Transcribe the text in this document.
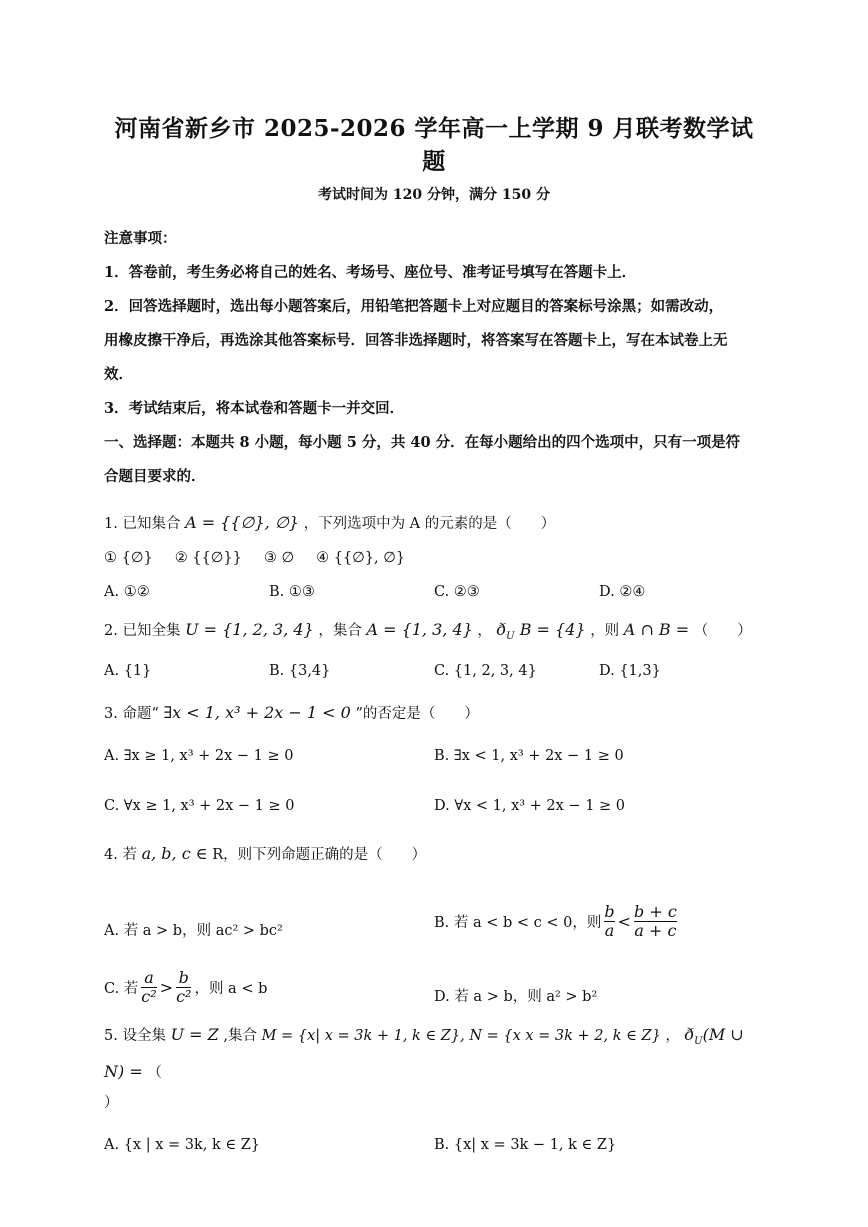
河南省新乡市 2025-2026 学年高一上学期 9 月联考数学试题
考试时间为 120 分钟，满分 150 分

注意事项：

1．答卷前，考生务必将自己的姓名、考场号、座位号、准考证号填写在答题卡上．

2．回答选择题时，选出每小题答案后，用铅笔把答题卡上对应题目的答案标号涂黑；如需改动，

用橡皮擦干净后，再选涂其他答案标号．回答非选择题时，将答案写在答题卡上，写在本试卷上无

效．

3．考试结束后，将本试卷和答题卡一并交回．

一、选择题：本题共 8 小题，每小题 5 分，共 40 分．在每小题给出的四个选项中，只有一项是符

合题目要求的．

1. 已知集合 A = {{∅}, ∅} ，下列选项中为 A 的元素的是（　　）
① {∅} ② {{∅}} ③ ∅ ④ {{∅}, ∅}
A. ①②	B. ①③	C. ②③	D. ②④
2. 已知全集 U = {1, 2, 3, 4} ，集合 A = {1, 3, 4} ， $ð_U$ B = {4} ，则 A ∩ B = （　　）
A. {1}	B. {3,4}	C. {1, 2, 3, 4}	D. {1,3}
3. 命题“ ∃x < 1, x³ + 2x − 1 < 0 ”的否定是（　　）
A. ∃x ≥ 1, x³ + 2x − 1 ≥ 0	B. ∃x < 1, x³ + 2x − 1 ≥ 0
C. ∀x ≥ 1, x³ + 2x − 1 ≥ 0	D. ∀x < 1, x³ + 2x − 1 ≥ 0
4. 若 a, b, c ∈ R，则下列命题正确的是（　　）
A. 若 a > b，则 ac² > bc²	B. 若 a < b < c < 0，则
b
a <
b + c
a + c
C. 若
a
c² >
b
c² ，则 a < b	D. 若 a > b，则 a² > b²
5. 设全集 U = Z ,集合 M = {x| x = 3k + 1, k ∈ Z}, N = {x x = 3k + 2, k ∈ Z} ， $ð_U(M$ ∪ N) = （
）
A. {x | x = 3k, k ∈ Z}	B. {x| x = 3k − 1, k ∈ Z}
